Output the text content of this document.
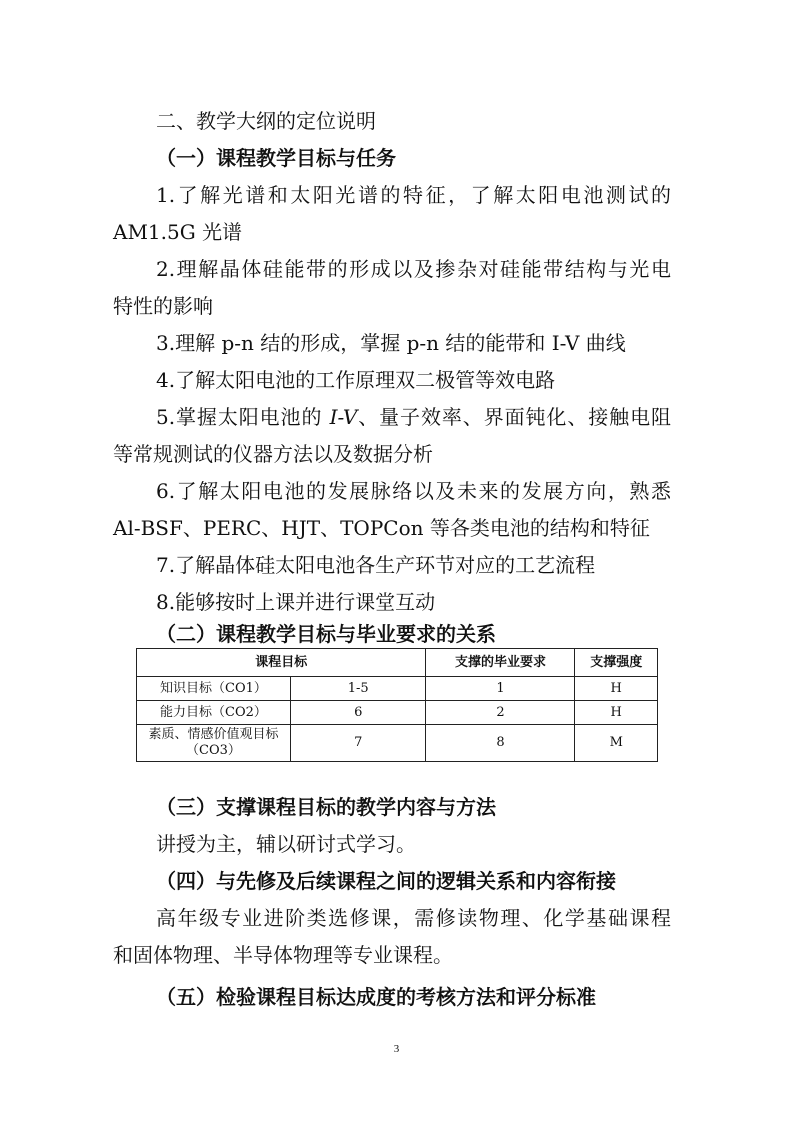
二、教学大纲的定位说明
（一）课程教学目标与任务
1.了解光谱和太阳光谱的特征，了解太阳电池测试的
AM1.5G 光谱
2.理解晶体硅能带的形成以及掺杂对硅能带结构与光电
特性的影响
3.理解 p-n 结的形成，掌握 p-n 结的能带和 I-V 曲线
4.了解太阳电池的工作原理双二极管等效电路
5.掌握太阳电池的 I-V、量子效率、界面钝化、接触电阻
等常规测试的仪器方法以及数据分析
6.了解太阳电池的发展脉络以及未来的发展方向，熟悉
Al-BSF、PERC、HJT、TOPCon 等各类电池的结构和特征
7.了解晶体硅太阳电池各生产环节对应的工艺流程
8.能够按时上课并进行课堂互动
（二）课程教学目标与毕业要求的关系
课程目标		支撑的毕业要求	支撑强度
知识目标（CO1）	1-5	1	H
能力目标（CO2）	6	2	H

素质、情感价值观目标
（CO3）	7	8	M
（三）支撑课程目标的教学内容与方法
讲授为主，辅以研讨式学习。
（四）与先修及后续课程之间的逻辑关系和内容衔接
高年级专业进阶类选修课，需修读物理、化学基础课程
和固体物理、半导体物理等专业课程。
（五）检验课程目标达成度的考核方法和评分标准
3
